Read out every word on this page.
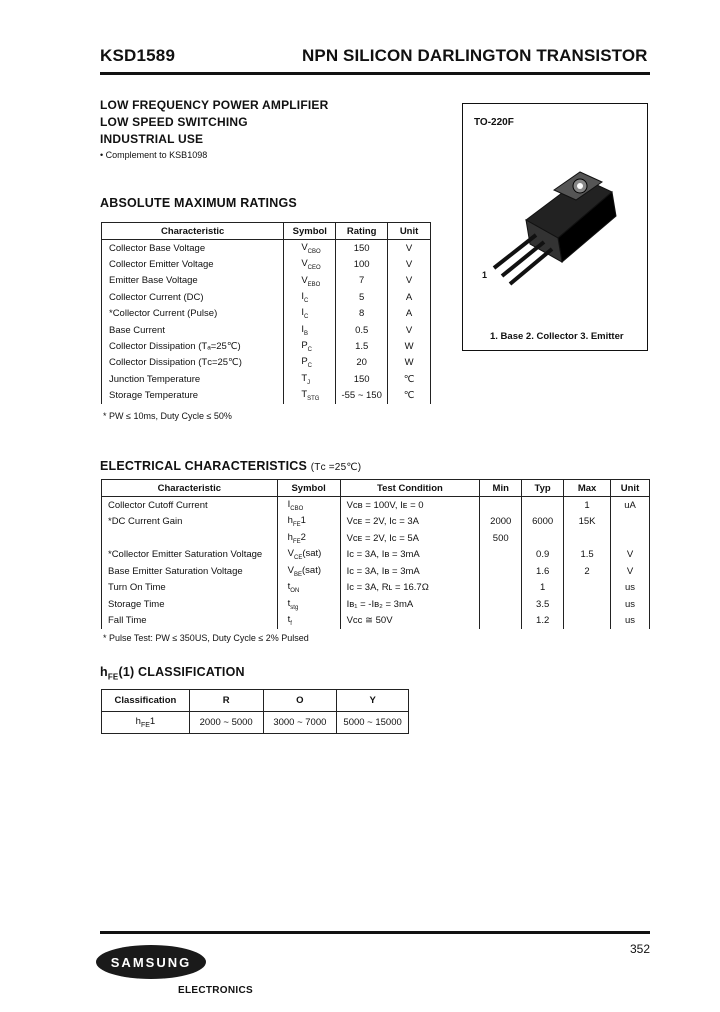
KSD1589	NPN SILICON DARLINGTON TRANSISTOR
LOW FREQUENCY POWER AMPLIFIER
LOW SPEED SWITCHING
INDUSTRIAL USE
• Complement to KSB1098
TO-220F
1
1. Base 2. Collector 3. Emitter
ABSOLUTE MAXIMUM RATINGS
Characteristic	Symbol	Rating	Unit
Collector Base Voltage	$V_{CBO}$	150	V
Collector Emitter Voltage	$V_{CEO}$	100	V
Emitter Base Voltage	$V_{EBO}$	7	V
Collector Current (DC)	$I_C$	5	A
*Collector Current (Pulse)	$I_C$	8	A
Base Current	$I_B$	0.5	V
Collector Dissipation (Tₐ=25℃)	$P_C$	1.5	W
Collector Dissipation (Tᴄ=25℃)	$P_C$	20	W
Junction Temperature	$T_J$	150	℃
Storage Temperature	$T_{STG}$	-55 ~ 150	℃
* PW ≤ 10ms, Duty Cycle ≤ 50%
ELECTRICAL CHARACTERISTICS (Tᴄ =25℃)
Characteristic	Symbol	Test Condition	Min	Typ	Max	Unit
Collector Cutoff Current	$I_{CBO}$	Vᴄʙ = 100V, Iᴇ = 0			1	uA
*DC Current Gain	$h_{FE}1$	Vᴄᴇ = 2V, Iᴄ = 3A	2000	6000	15K	
	$h_{FE}2$	Vᴄᴇ = 2V, Iᴄ = 5A	500			
*Collector Emitter Saturation Voltage	$V_{CE}(sat)$	Iᴄ = 3A, Iʙ = 3mA		0.9	1.5	V
Base Emitter Saturation Voltage	$V_{BE}(sat)$	Iᴄ = 3A, Iʙ = 3mA		1.6	2	V
Turn On Time	$t_{ON}$	Iᴄ = 3A, Rʟ = 16.7Ω		1		us
Storage Time	$t_{stg}$	Iʙ₁ = -Iʙ₂ = 3mA		3.5		us
Fall Time	$t_f$	Vᴄᴄ ≅ 50V		1.2		us
* Pulse Test: PW ≤ 350US, Duty Cycle ≤ 2% Pulsed
$h_{FE}(1)$ CLASSIFICATION
Classification	R	O	Y
$h_{FE}1$	2000 ~ 5000	3000 ~ 7000	5000 ~ 15000
352
SAMSUNG
ELECTRONICS
